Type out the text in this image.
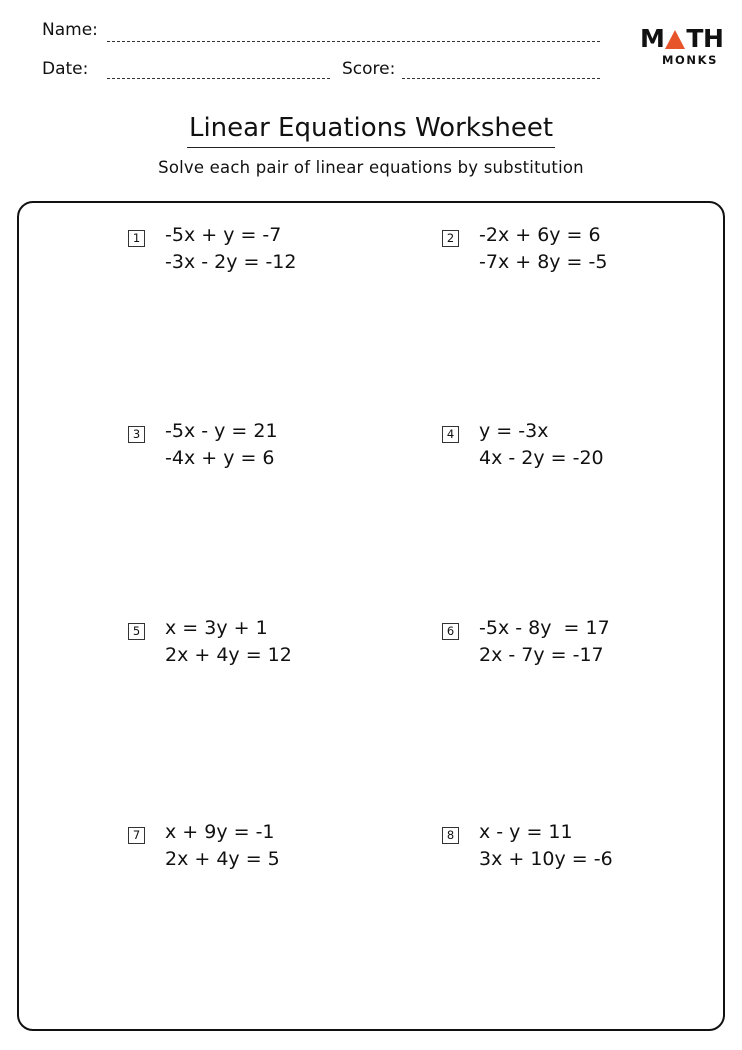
Name:
Date:	Score:
M TH
MONKS
Linear Equations Worksheet
Solve each pair of linear equations by substitution
1 -5x + y = -7
-3x - 2y = -12
2 -2x + 6y = 6
-7x + 8y = -5
3 -5x - y = 21
-4x + y = 6
4 y = -3x
4x - 2y = -20
5 x = 3y + 1
2x + 4y = 12
6 -5x - 8y  = 17
2x - 7y = -17
7 x + 9y = -1
2x + 4y = 5
8 x - y = 11
3x + 10y = -6
